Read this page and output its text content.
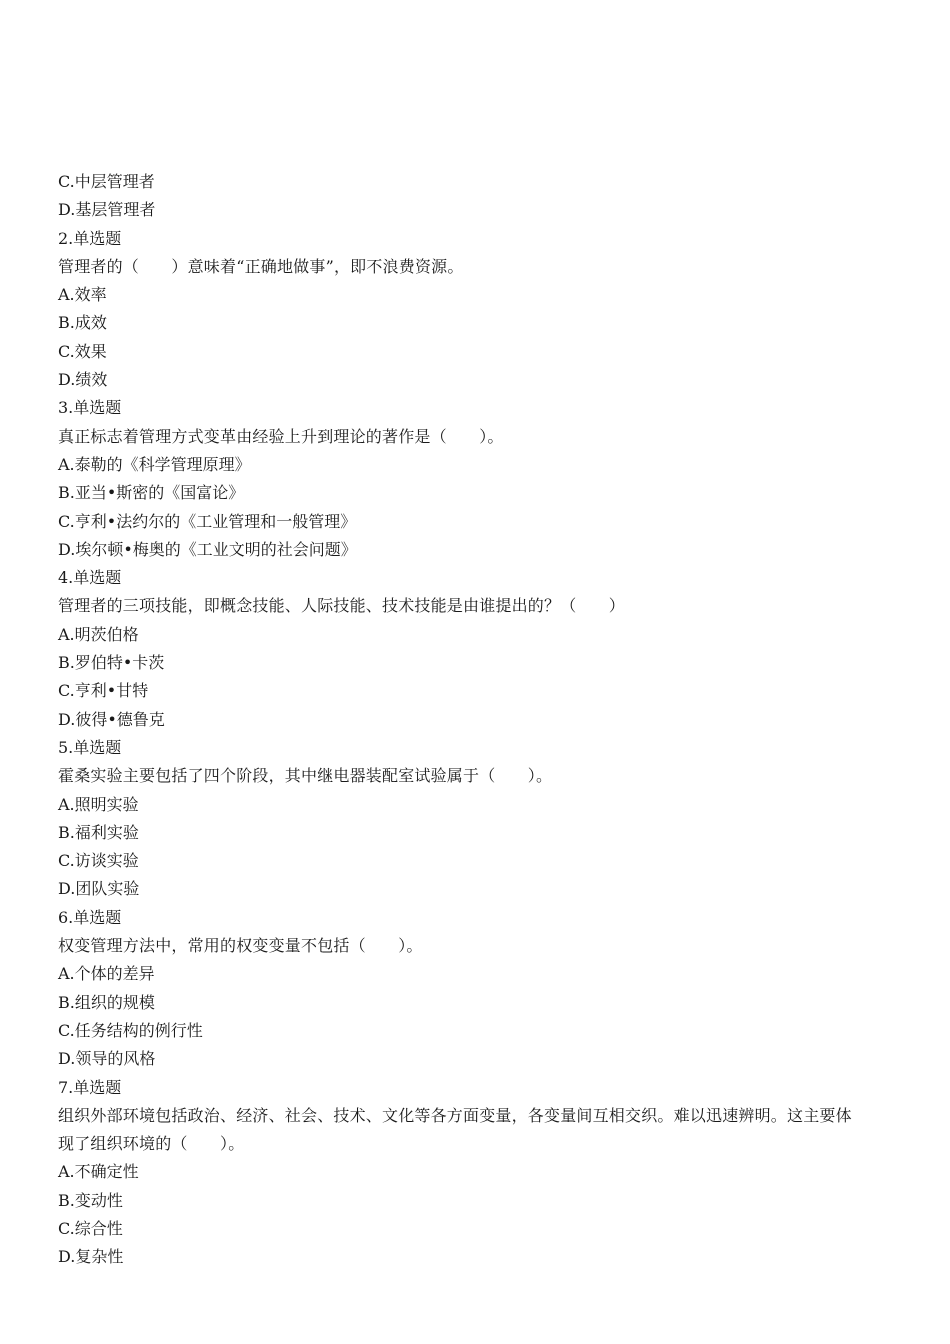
C.中层管理者
D.基层管理者
2.单选题
管理者的（　　）意味着“正确地做事”，即不浪费资源。
A.效率
B.成效
C.效果
D.绩效
3.单选题
真正标志着管理方式变革由经验上升到理论的著作是（　　）。
A.泰勒的《科学管理原理》
B.亚当•斯密的《国富论》
C.亨利•法约尔的《工业管理和一般管理》
D.埃尔顿•梅奥的《工业文明的社会问题》
4.单选题
管理者的三项技能，即概念技能、人际技能、技术技能是由谁提出的？（　　）
A.明茨伯格
B.罗伯特•卡茨
C.亨利•甘特
D.彼得•德鲁克
5.单选题
霍桑实验主要包括了四个阶段，其中继电器装配室试验属于（　　）。
A.照明实验
B.福利实验
C.访谈实验
D.团队实验
6.单选题
权变管理方法中，常用的权变变量不包括（　　）。
A.个体的差异
B.组织的规模
C.任务结构的例行性
D.领导的风格
7.单选题
组织外部环境包括政治、经济、社会、技术、文化等各方面变量，各变量间互相交织。难以迅速辨明。这主要体
现了组织环境的（　　）。
A.不确定性
B.变动性
C.综合性
D.复杂性
